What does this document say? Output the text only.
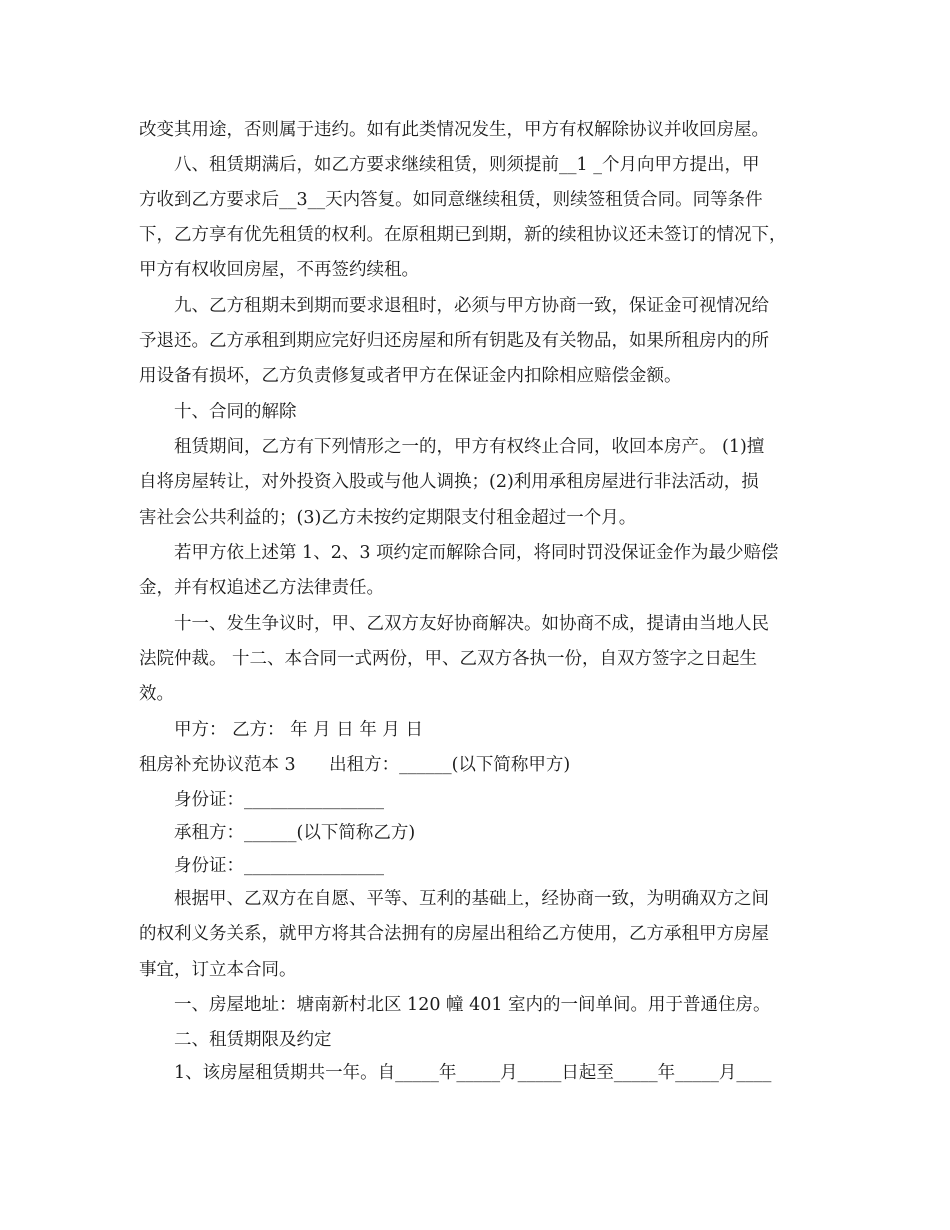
改变其用途，否则属于违约。如有此类情况发生，甲方有权解除协议并收回房屋。
八、租赁期满后，如乙方要求继续租赁，则须提前__1 _个月向甲方提出，甲
方收到乙方要求后__3__天内答复。如同意继续租赁，则续签租赁合同。同等条件
下，乙方享有优先租赁的权利。在原租期已到期，新的续租协议还未签订的情况下，
甲方有权收回房屋，不再签约续租。
九、乙方租期未到期而要求退租时，必须与甲方协商一致，保证金可视情况给
予退还。乙方承租到期应完好归还房屋和所有钥匙及有关物品，如果所租房内的所
用设备有损坏，乙方负责修复或者甲方在保证金内扣除相应赔偿金额。
十、合同的解除
租赁期间，乙方有下列情形之一的，甲方有权终止合同，收回本房产。 (1)擅
自将房屋转让，对外投资入股或与他人调换；(2)利用承租房屋进行非法活动，损
害社会公共利益的；(3)乙方未按约定期限支付租金超过一个月。
若甲方依上述第 1、2、3 项约定而解除合同，将同时罚没保证金作为最少赔偿
金，并有权追述乙方法律责任。
十一、发生争议时，甲、乙双方友好协商解决。如协商不成，提请由当地人民
法院仲裁。 十二、本合同一式两份，甲、乙双方各执一份，自双方签字之日起生
效。
甲方： 乙方： 年 月 日 年 月 日
租房补充协议范本 3      出租方：______(以下简称甲方)
身份证：________________
承租方：______(以下简称乙方)
身份证：________________
根据甲、乙双方在自愿、平等、互利的基础上，经协商一致，为明确双方之间
的权利义务关系，就甲方将其合法拥有的房屋出租给乙方使用，乙方承租甲方房屋
事宜，订立本合同。
一、房屋地址：塘南新村北区 120 幢 401 室内的一间单间。用于普通住房。
二、租赁期限及约定
1、该房屋租赁期共一年。自_____年_____月_____日起至_____年_____月____
